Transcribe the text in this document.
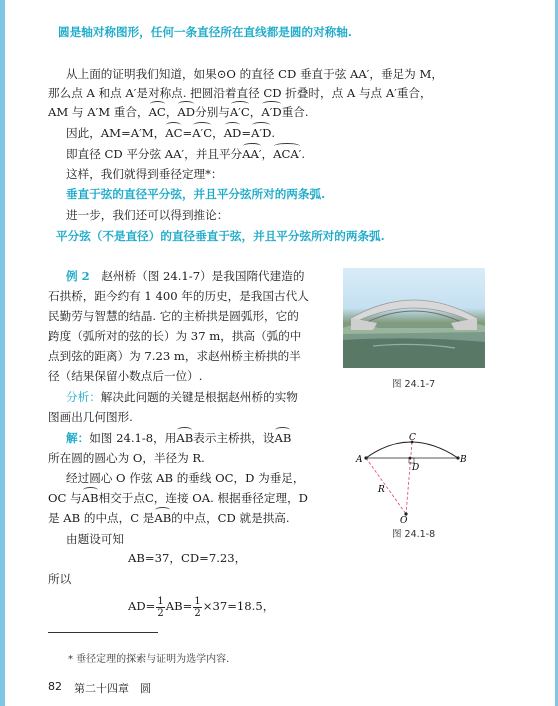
圆是轴对称图形，任何一条直径所在直线都是圆的对称轴.
从上面的证明我们知道，如果⊙O 的直径 CD 垂直于弦 AA′，垂足为 M，
那么点 A 和点 A′是对称点. 把圆沿着直径 CD 折叠时，点 A 与点 A′重合，
AM 与 A′M 重合，AC，AD分别与A′C，A′D重合.
因此，AM=A′M，AC=A′C，AD=A′D.
即直径 CD 平分弦 AA′，并且平分AA′，ACA′.
这样，我们就得到垂径定理*：
垂直于弦的直径平分弦，并且平分弦所对的两条弧.
进一步，我们还可以得到推论：
平分弦（不是直径）的直径垂直于弦，并且平分弦所对的两条弧.
例 2　 赵州桥（图 24.1-7）是我国隋代建造的
石拱桥，距今约有 1 400 年的历史，是我国古代人
民勤劳与智慧的结晶. 它的主桥拱是圆弧形，它的
跨度（弧所对的弦的长）为 37 m，拱高（弧的中
点到弦的距离）为 7.23 m，求赵州桥主桥拱的半
径（结果保留小数点后一位）.
分析：解决此问题的关键是根据赵州桥的实物
图画出几何图形.
解：如图 24.1-8，用AB表示主桥拱，设AB
所在圆的圆心为 O，半径为 R.
经过圆心 O 作弦 AB 的垂线 OC，D 为垂足，
OC 与AB相交于点C，连接 OA. 根据垂径定理，D
是 AB 的中点，C 是AB的中点，CD 就是拱高.
由题设可知
AB=37，CD=7.23，
所以
$AD= \frac{1}{2} AB= \frac{1}{2} \times 37=18.5$，
图 24.1-7
A	B
C
D
R
O
图 24.1-8
* 垂径定理的探索与证明为选学内容.
82 第二十四章　圆
